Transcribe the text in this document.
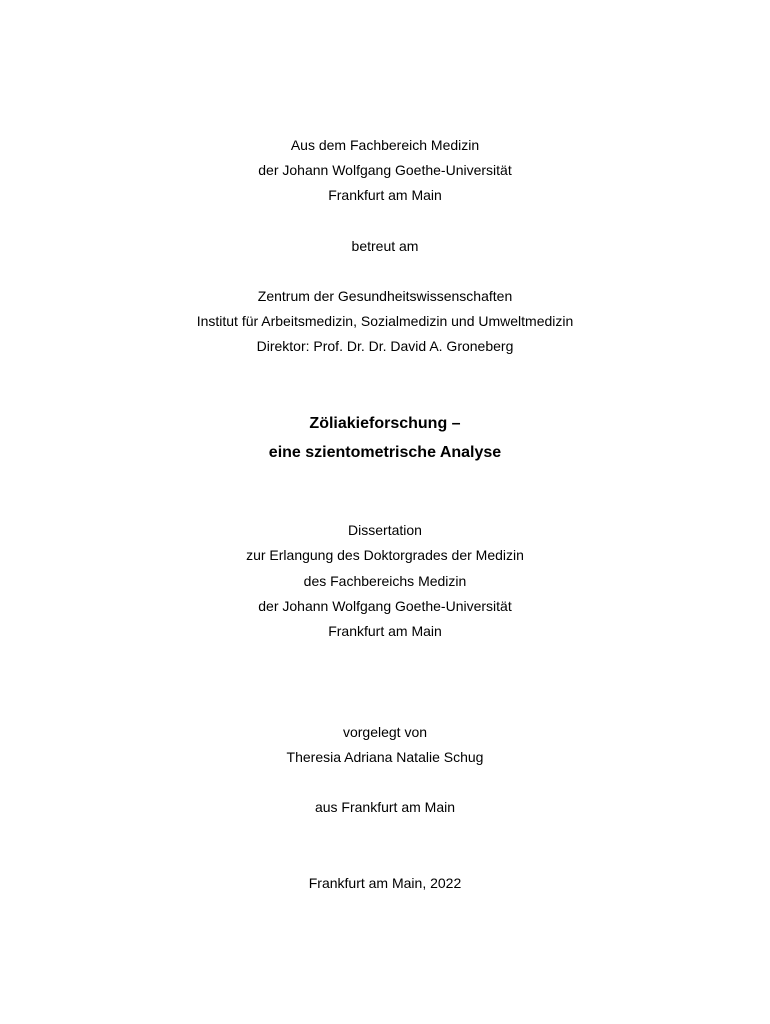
Aus dem Fachbereich Medizin
der Johann Wolfgang Goethe-Universität
Frankfurt am Main
betreut am
Zentrum der Gesundheitswissenschaften
Institut für Arbeitsmedizin, Sozialmedizin und Umweltmedizin
Direktor: Prof. Dr. Dr. David A. Groneberg
Zöliakieforschung –
eine szientometrische Analyse
Dissertation
zur Erlangung des Doktorgrades der Medizin
des Fachbereichs Medizin
der Johann Wolfgang Goethe-Universität
Frankfurt am Main
vorgelegt von
Theresia Adriana Natalie Schug
aus Frankfurt am Main
Frankfurt am Main, 2022
